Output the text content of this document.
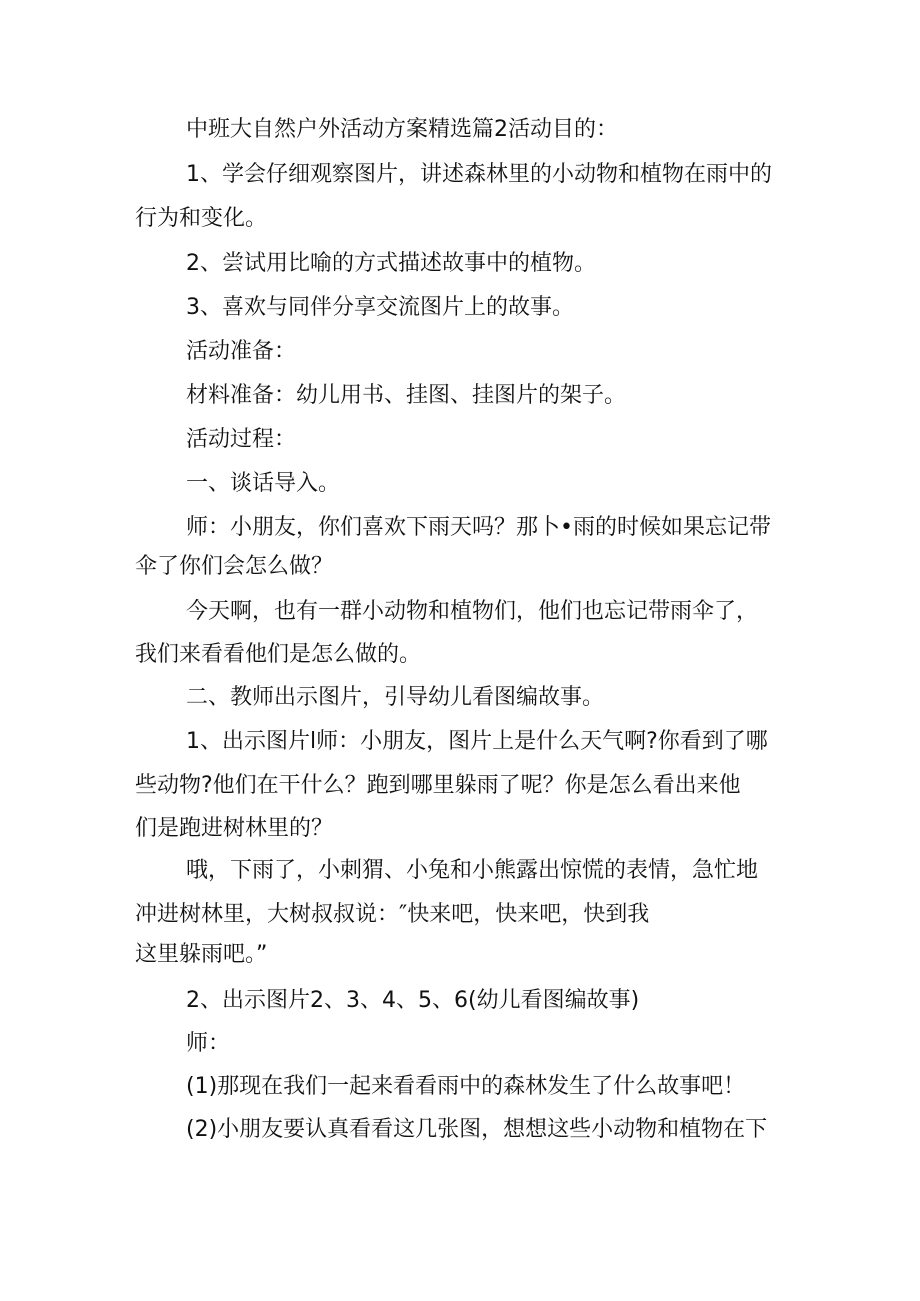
中班大自然户外活动方案精选篇2活动目的：
1、学会仔细观察图片，讲述森林里的小动物和植物在雨中的
行为和变化。
2、尝试用比喻的方式描述故事中的植物。
3、喜欢与同伴分享交流图片上的故事。
活动准备：
材料准备：幼儿用书、挂图、挂图片的架子。
活动过程：
一、谈话导入。
师：小朋友，你们喜欢下雨天吗？那卜•雨的时候如果忘记带
伞了你们会怎么做？
今天啊，也有一群小动物和植物们，他们也忘记带雨伞了，
我们来看看他们是怎么做的。
二、教师出示图片，引导幼儿看图编故事。
1、出示图片l师：小朋友，图片上是什么天气啊?你看到了哪
些动物?他们在干什么？跑到哪里躲雨了呢？你是怎么看出来他
们是跑进树林里的？
哦，下雨了，小刺猬、小兔和小熊露出惊慌的表情，急忙地
冲进树林里，大树叔叔说：″快来吧，快来吧，快到我
这里躲雨吧。”
2、出示图片2、3、4、5、6(幼儿看图编故事)
师：
(1)那现在我们一起来看看雨中的森林发生了什么故事吧！
(2)小朋友要认真看看这几张图，想想这些小动物和植物在下
